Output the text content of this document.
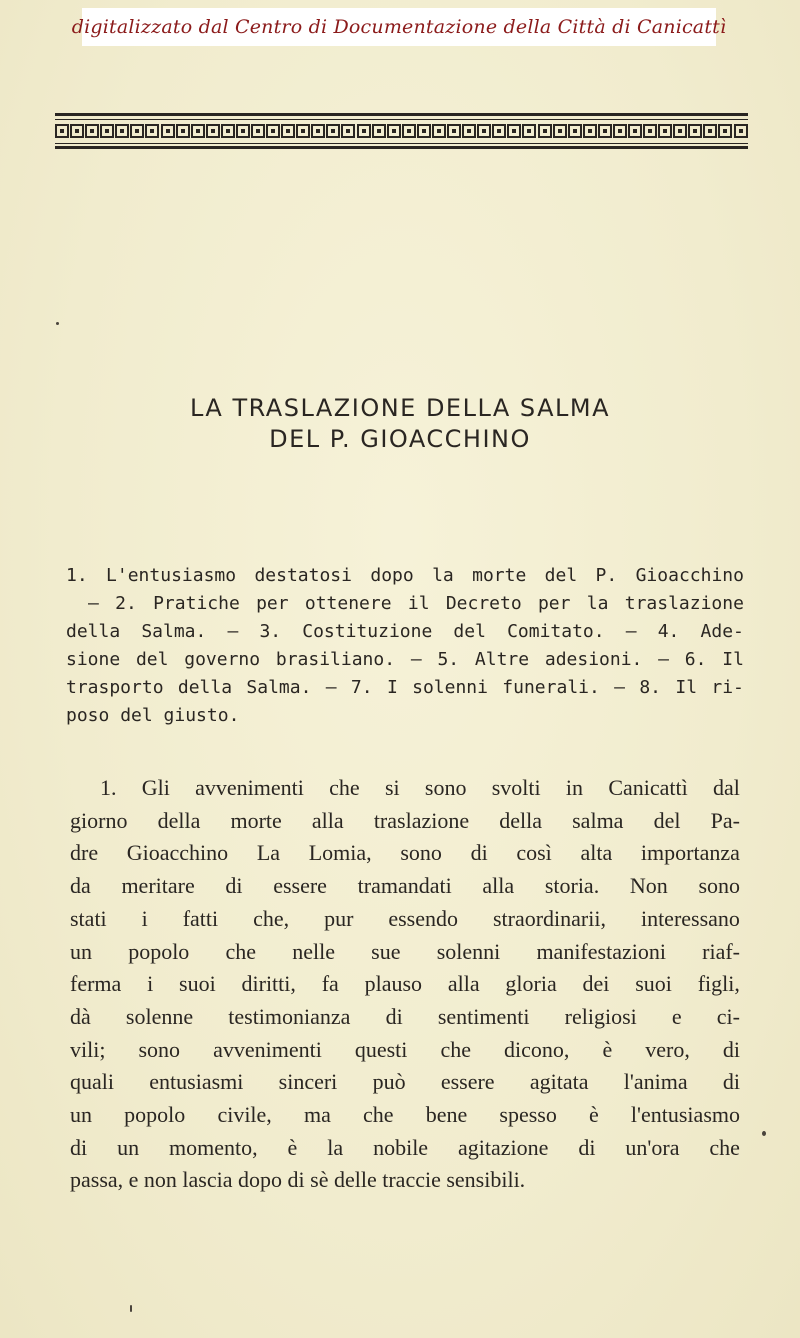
digitalizzato dal Centro di Documentazione della Città di Canicattì
LA TRASLAZIONE DELLA SALMA
DEL P. GIOACCHINO
1. L'entusiasmo destatosi dopo la morte del P. Gioacchino
— 2. Pratiche per ottenere il Decreto per la traslazione
della Salma. — 3. Costituzione del Comitato. — 4. Ade-
sione del governo brasiliano. — 5. Altre adesioni. — 6. Il
trasporto della Salma. — 7. I solenni funerali. — 8. Il ri-
poso del giusto.
1. Gli avvenimenti che si sono svolti in Canicattì dal
giorno della morte alla traslazione della salma del Pa-
dre Gioacchino La Lomia, sono di così alta importanza
da meritare di essere tramandati alla storia. Non sono
stati i fatti che, pur essendo straordinarii, interessano
un popolo che nelle sue solenni manifestazioni riaf-
ferma i suoi diritti, fa plauso alla gloria dei suoi figli,
dà solenne testimonianza di sentimenti religiosi e ci-
vili; sono avvenimenti questi che dicono, è vero, di
quali entusiasmi sinceri può essere agitata l'anima di
un popolo civile, ma che bene spesso è l'entusiasmo
di un momento, è la nobile agitazione di un'ora che
passa, e non lascia dopo di sè delle traccie sensibili.
